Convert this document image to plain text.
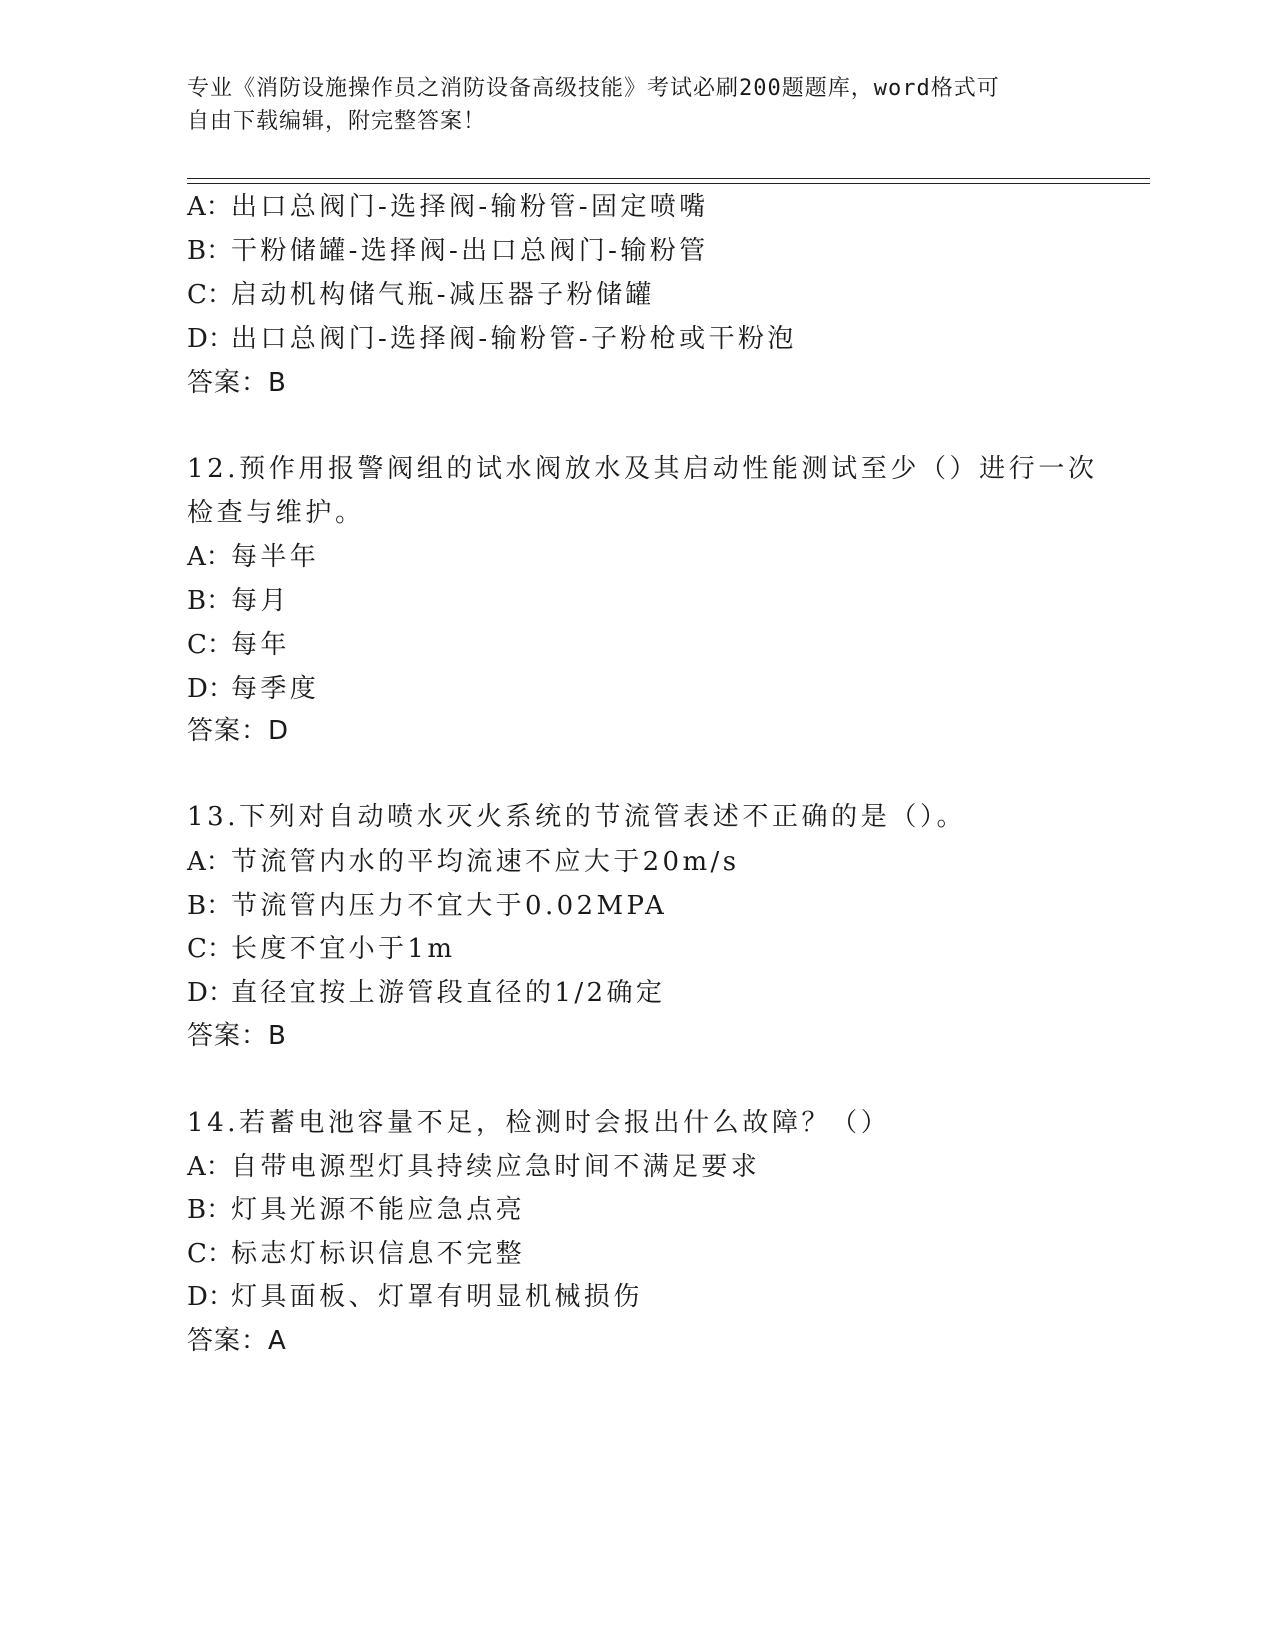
专业《消防设施操作员之消防设备高级技能》考试必刷200题题库，word格式可
自由下载编辑，附完整答案！
A：出口总阀门-选择阀-输粉管-固定喷嘴
B：干粉储罐-选择阀-出口总阀门-输粉管
C：启动机构储气瓶-减压器子粉储罐
D：出口总阀门-选择阀-输粉管-子粉枪或干粉泡
答案：B
12.预作用报警阀组的试水阀放水及其启动性能测试至少（）进行一次
检查与维护。
A：每半年
B：每月
C：每年
D：每季度
答案：D
13.下列对自动喷水灭火系统的节流管表述不正确的是（）。
A：节流管内水的平均流速不应大于20m/s
B：节流管内压力不宜大于0.02MPA
C：长度不宜小于1m
D：直径宜按上游管段直径的1/2确定
答案：B
14.若蓄电池容量不足，检测时会报出什么故障？（）
A：自带电源型灯具持续应急时间不满足要求
B：灯具光源不能应急点亮
C：标志灯标识信息不完整
D：灯具面板、灯罩有明显机械损伤
答案：A
